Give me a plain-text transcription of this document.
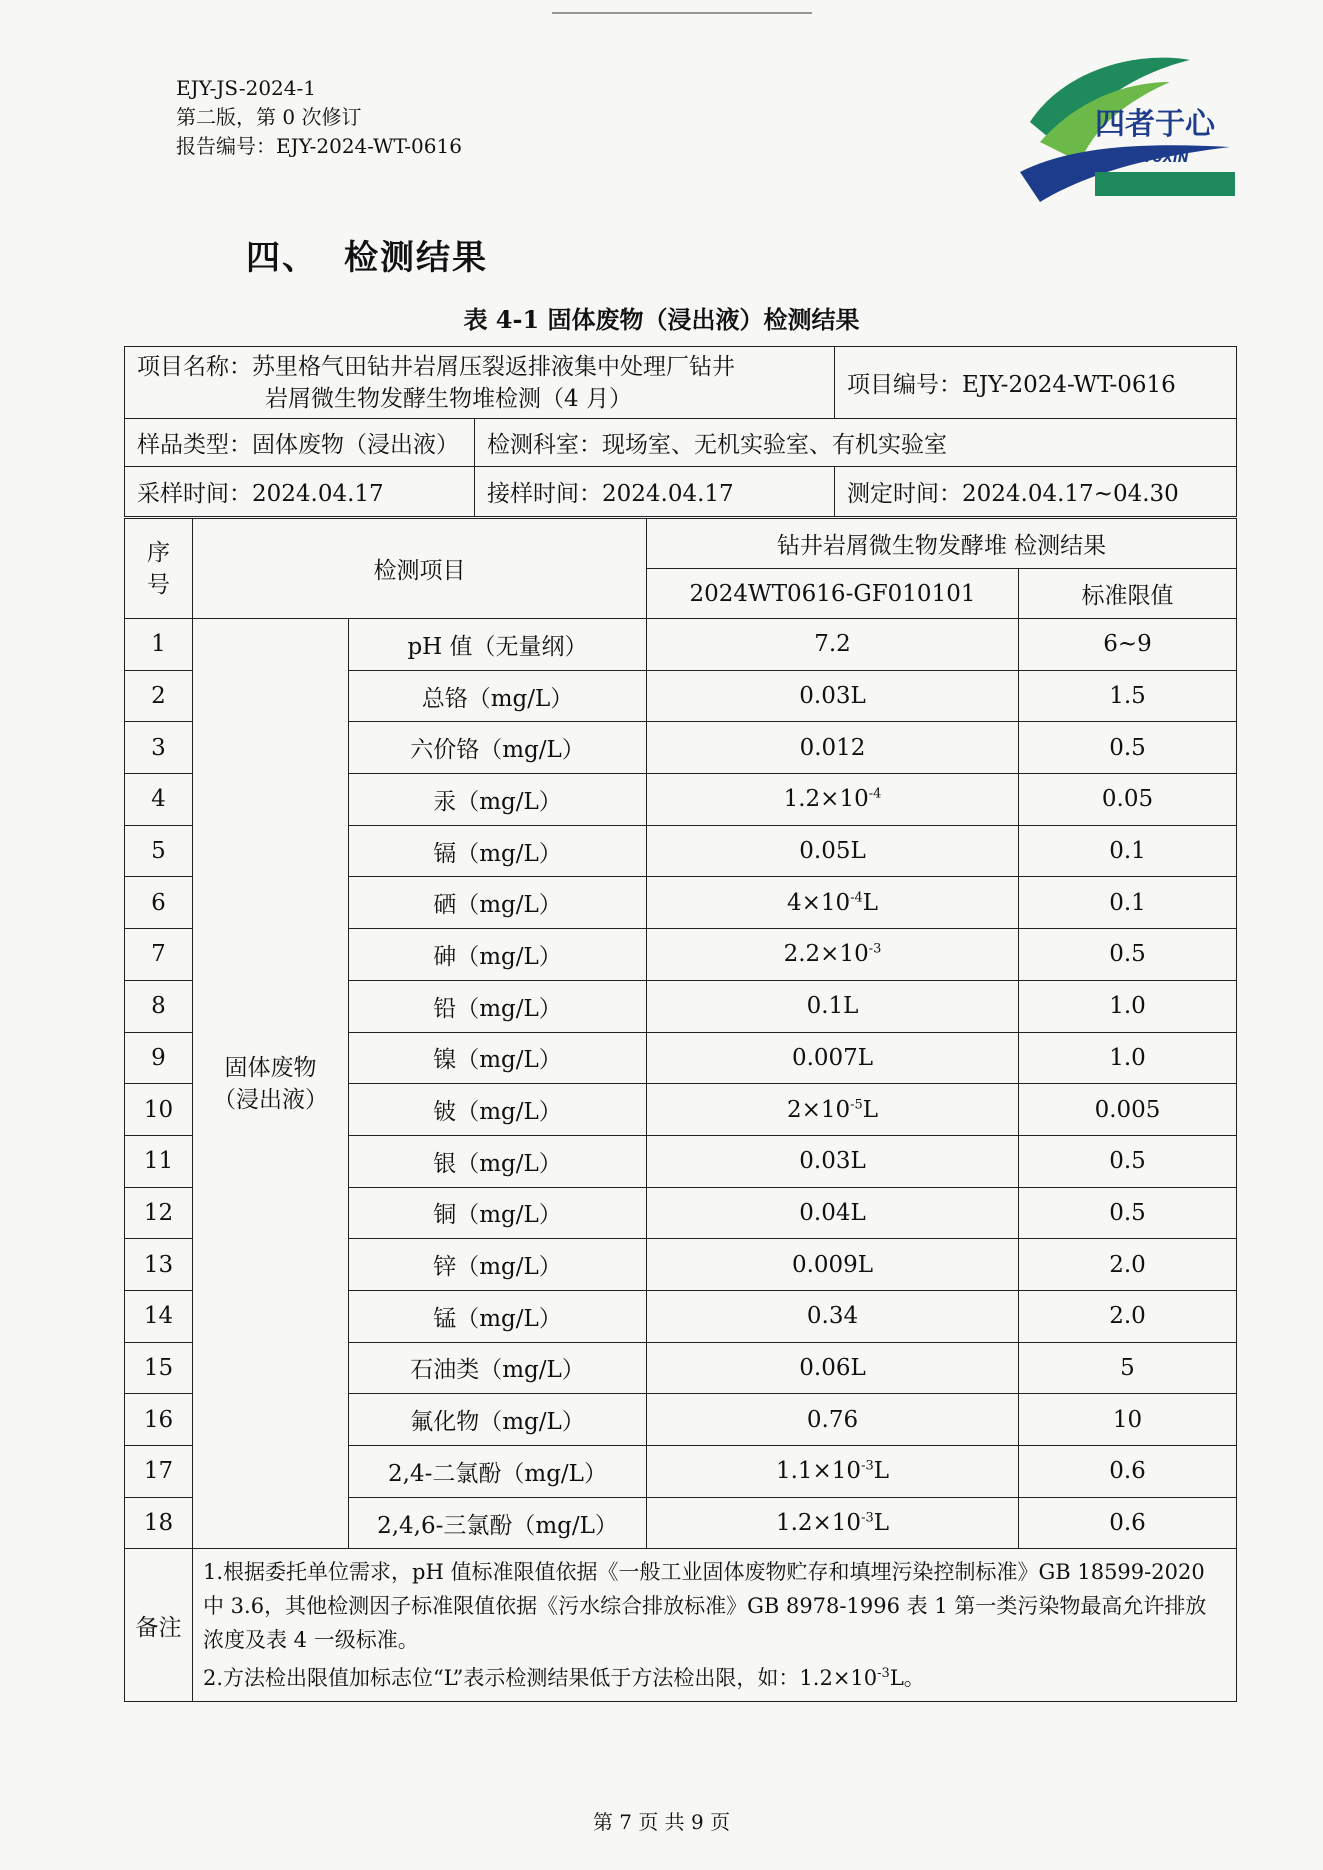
EJY-JS-2024-1
第二版，第 0 次修订
报告编号：EJY-2024-WT-0616
四者于心
SIZHE YUXIN
四、 检测结果
表 4-1 固体废物（浸出液）检测结果
项目名称：苏里格气田钻井岩屑压裂返排液集中处理厂钻井
岩屑微生物发酵生物堆检测（4 月）		项目编号：EJY-2024-WT-0616
样品类型：固体废物（浸出液）	检测科室：现场室、无机实验室、有机实验室	
采样时间：2024.04.17	接样时间：2024.04.17	测定时间：2024.04.17~04.30
序
号	检测项目		钻井岩屑微生物发酵堆 检测结果	
			2024WT0616-GF010101	标准限值
1	固体废物
（浸出液）	pH 值（无量纲）	7.2	6~9
2		总铬（mg/L）	0.03L	1.5
3		六价铬（mg/L）	0.012	0.5
4		汞（mg/L）	$1.2\times 10^{-4}$	0.05
5		镉（mg/L）	0.05L	0.1
6		硒（mg/L）	$4\times 10^{-4}L$	0.1
7		砷（mg/L）	$2.2\times 10^{-3}$	0.5
8		铅（mg/L）	0.1L	1.0
9		镍（mg/L）	0.007L	1.0
10		铍（mg/L）	$2\times 10^{-5}L$	0.005
11		银（mg/L）	0.03L	0.5
12		铜（mg/L）	0.04L	0.5
13		锌（mg/L）	0.009L	2.0
14		锰（mg/L）	0.34	2.0
15		石油类（mg/L）	0.06L	5
16		氟化物（mg/L）	0.76	10
17		2,4-二氯酚（mg/L）	$1.1\times 10^{-3}L$	0.6
18		2,4,6-三氯酚（mg/L）	$1.2\times 10^{-3}L$	0.6
备注	1.根据委托单位需求，pH 值标准限值依据《一般工业固体废物贮存和填埋污染控制标准》GB 18599-2020 中 3.6，其他检测因子标准限值依据《污水综合排放标准》GB 8978-1996 表 1 第一类污染物最高允许排放浓度及表 4 一级标准。
2.方法检出限值加标志位“L”表示检测结果低于方法检出限，如：$1.2\times 10^{-3}L$。			
第 7 页 共 9 页
